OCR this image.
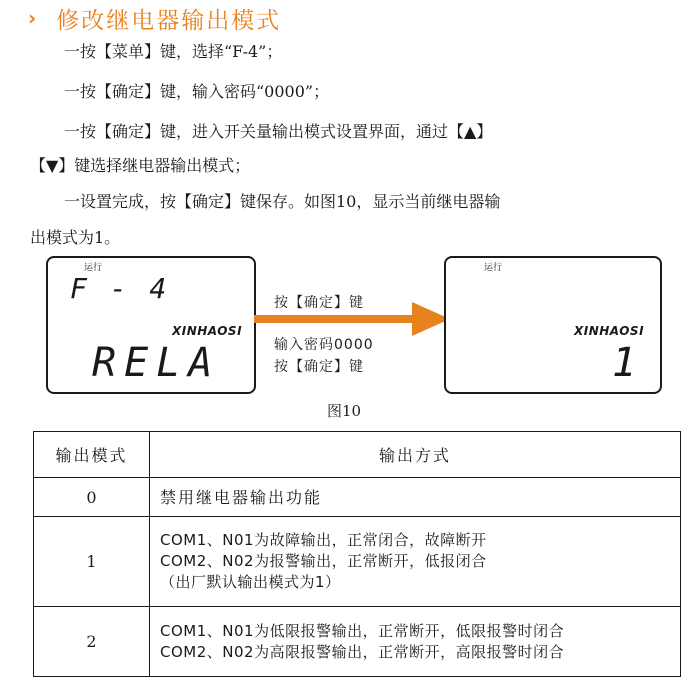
› 修改继电器输出模式
一按【菜单】键，选择“F-4”；
一按【确定】键，输入密码“0000”；
一按【确定】键，进入开关量输出模式设置界面，通过【▲】
【▼】键选择继电器输出模式；
一设置完成，按【确定】键保存。如图10，显示当前继电器输
出模式为1。
运行
F - 4
XINHAOSI
RELA
按【确定】键
输入密码0000
按【确定】键
运行
XINHAOSI
1
图10
输出模式	输出方式
0	禁用继电器输出功能

1	COM1、N01为故障输出，正常闭合，故障断开
COM2、N02为报警输出，正常断开，低报闭合
（出厂默认输出模式为1）

2	COM1、N01为低限报警输出，正常断开，低限报警时闭合
COM2、N02为高限报警输出，正常断开，高限报警时闭合
